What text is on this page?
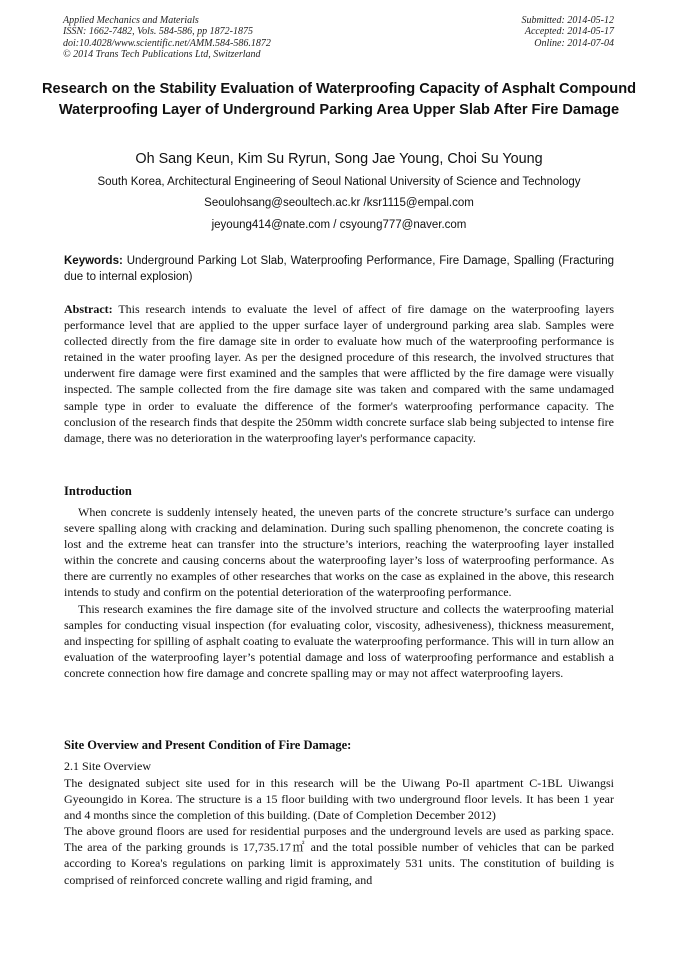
Applied Mechanics and Materials
ISSN: 1662-7482, Vols. 584-586, pp 1872-1875
doi:10.4028/www.scientific.net/AMM.584-586.1872
© 2014 Trans Tech Publications Ltd, Switzerland
Submitted: 2014-05-12
Accepted: 2014-05-17
Online: 2014-07-04
Research on the Stability Evaluation of Waterproofing Capacity of Asphalt Compound Waterproofing Layer of Underground Parking Area Upper Slab After Fire Damage
Oh Sang Keun, Kim Su Ryrun, Song Jae Young, Choi Su Young
South Korea, Architectural Engineering of Seoul National University of Science and Technology
Seoulohsang@seoultech.ac.kr /ksr1115@empal.com
jeyoung414@nate.com / csyoung777@naver.com
Keywords: Underground Parking Lot Slab, Waterproofing Performance, Fire Damage, Spalling (Fracturing due to internal explosion)
Abstract: This research intends to evaluate the level of affect of fire damage on the waterproofing layers performance level that are applied to the upper surface layer of underground parking area slab. Samples were collected directly from the fire damage site in order to evaluate how much of the waterproofing performance is retained in the water proofing layer. As per the designed procedure of this research, the involved structures that underwent fire damage were first examined and the samples that were afflicted by the fire damage were visually inspected. The sample collected from the fire damage site was taken and compared with the same undamaged sample type in order to evaluate the difference of the former's waterproofing performance capacity. The conclusion of the research finds that despite the 250mm width concrete surface slab being subjected to intense fire damage, there was no deterioration in the waterproofing layer's performance capacity.
Introduction

When concrete is suddenly intensely heated, the uneven parts of the concrete structure’s surface can undergo severe spalling along with cracking and delamination. During such spalling phenomenon, the concrete coating is lost and the extreme heat can transfer into the structure’s interiors, reaching the waterproofing layer installed within the concrete and causing concerns about the waterproofing layer’s loss of waterproofing performance. As there are currently no examples of other researches that works on the case as explained in the above, this research intends to study and confirm on the potential deterioration of the waterproofing performance.

This research examines the fire damage site of the involved structure and collects the waterproofing material samples for conducting visual inspection (for evaluating color, viscosity, adhesiveness), thickness measurement, and inspecting for spilling of asphalt coating to evaluate the waterproofing performance. This will in turn allow an evaluation of the waterproofing layer’s potential damage and loss of waterproofing performance and establish a concrete connection how fire damage and concrete spalling may or may not affect waterproofing layers.

Site Overview and Present Condition of Fire Damage:
2.1 Site Overview

The designated subject site used for in this research will be the Uiwang Po-Il apartment C-1BL Uiwangsi Gyeoungido in Korea. The structure is a 15 floor building with two underground floor levels. It has been 1 year and 4 months since the completion of this building. (Date of Completion December 2012)

The above ground floors are used for residential purposes and the underground levels are used as parking space. The area of the parking grounds is 17,735.17㎡ and the total possible number of vehicles that can be parked according to Korea's regulations on parking limit is approximately 531 units. The constitution of building is comprised of reinforced concrete walling and rigid framing, and
